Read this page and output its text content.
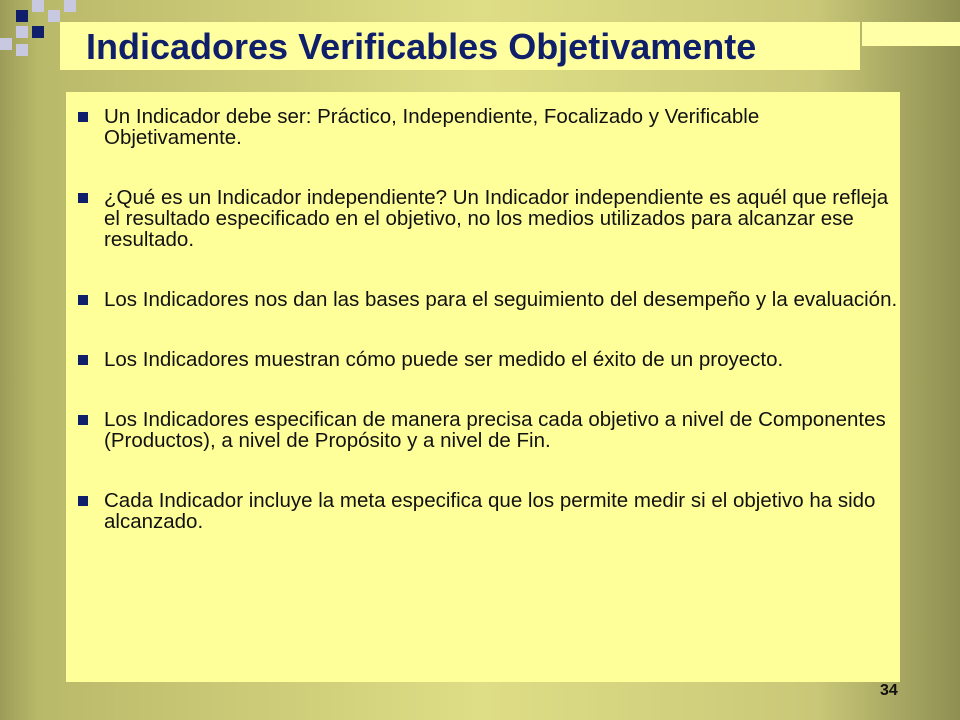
Indicadores Verificables Objetivamente
Un Indicador debe ser: Práctico, Independiente, Focalizado y Verificable Objetivamente.
¿Qué es un Indicador independiente? Un Indicador independiente es aquél que refleja el resultado especificado en el objetivo, no los medios utilizados para alcanzar ese resultado.
Los Indicadores nos dan las bases para el seguimiento del desempeño y la evaluación.
Los Indicadores muestran cómo puede ser medido el éxito de un proyecto.
Los Indicadores especifican de manera precisa cada objetivo a nivel de Componentes (Productos), a nivel de Propósito y a nivel de Fin.
Cada Indicador incluye la meta especifica que los permite medir si el objetivo ha sido alcanzado.
34
